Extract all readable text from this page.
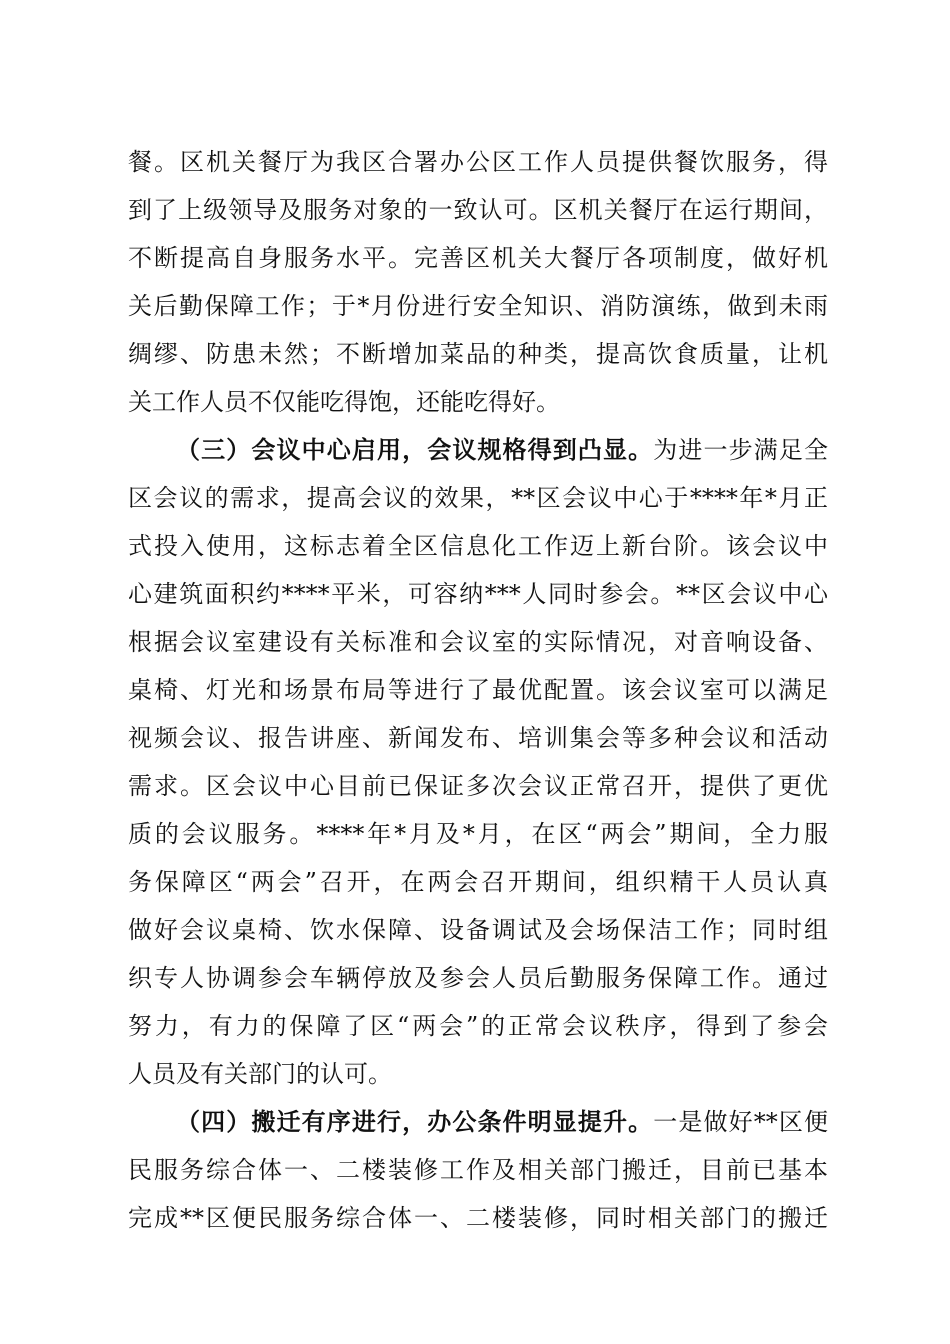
餐。区机关餐厅为我区合署办公区工作人员提供餐饮服务，得
到了上级领导及服务对象的一致认可。区机关餐厅在运行期间，
不断提高自身服务水平。完善区机关大餐厅各项制度，做好机
关后勤保障工作；于*月份进行安全知识、消防演练，做到未雨
绸缪、防患未然；不断增加菜品的种类，提高饮食质量，让机
关工作人员不仅能吃得饱，还能吃得好。
（三）会议中心启用，会议规格得到凸显。为进一步满足全
区会议的需求，提高会议的效果，**区会议中心于****年*月正
式投入使用，这标志着全区信息化工作迈上新台阶。该会议中
心建筑面积约****平米，可容纳***人同时参会。**区会议中心
根据会议室建设有关标准和会议室的实际情况，对音响设备、
桌椅、灯光和场景布局等进行了最优配置。该会议室可以满足
视频会议、报告讲座、新闻发布、培训集会等多种会议和活动
需求。区会议中心目前已保证多次会议正常召开，提供了更优
质的会议服务。****年*月及*月，在区“两会”期间，全力服
务保障区“两会”召开，在两会召开期间，组织精干人员认真
做好会议桌椅、饮水保障、设备调试及会场保洁工作；同时组
织专人协调参会车辆停放及参会人员后勤服务保障工作。通过
努力，有力的保障了区“两会”的正常会议秩序，得到了参会
人员及有关部门的认可。
（四）搬迁有序进行，办公条件明显提升。一是做好**区便
民服务综合体一、二楼装修工作及相关部门搬迁，目前已基本
完成**区便民服务综合体一、二楼装修，同时相关部门的搬迁
